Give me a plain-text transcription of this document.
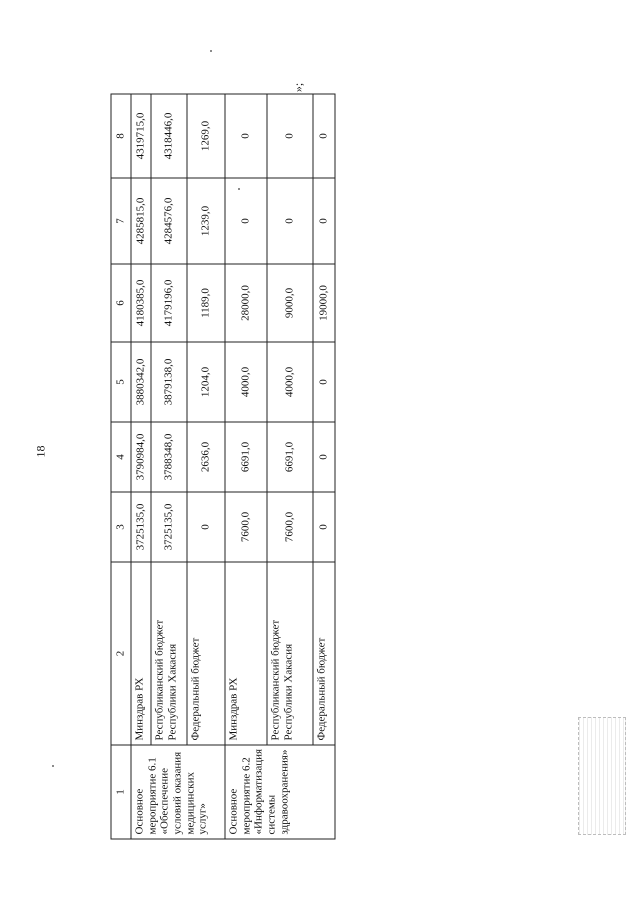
18
»;
1	2	3	4	5	6	7	8
Основное мероприятие 6.1 «Обеспечение условий оказания медицинских услуг»	Минздрав РХ	3725135,0	3790984,0	3880342,0	4180385,0	4285815,0	4319715,0
	Республиканский бюджет Республики Хакасия	3725135,0	3788348,0	3879138,0	4179196,0	4284576,0	4318446,0
	Федеральный бюджет	0	2636,0	1204,0	1189,0	1239,0	1269,0
Основное мероприятие 6.2 «Информатизация системы здравоохранения»	Минздрав РХ	7600,0	6691,0	4000,0	28000,0	0	0
	Республиканский бюджет Республики Хакасия	7600,0	6691,0	4000,0	9000,0	0	0
	Федеральный бюджет	0	0	0	19000,0	0	0
